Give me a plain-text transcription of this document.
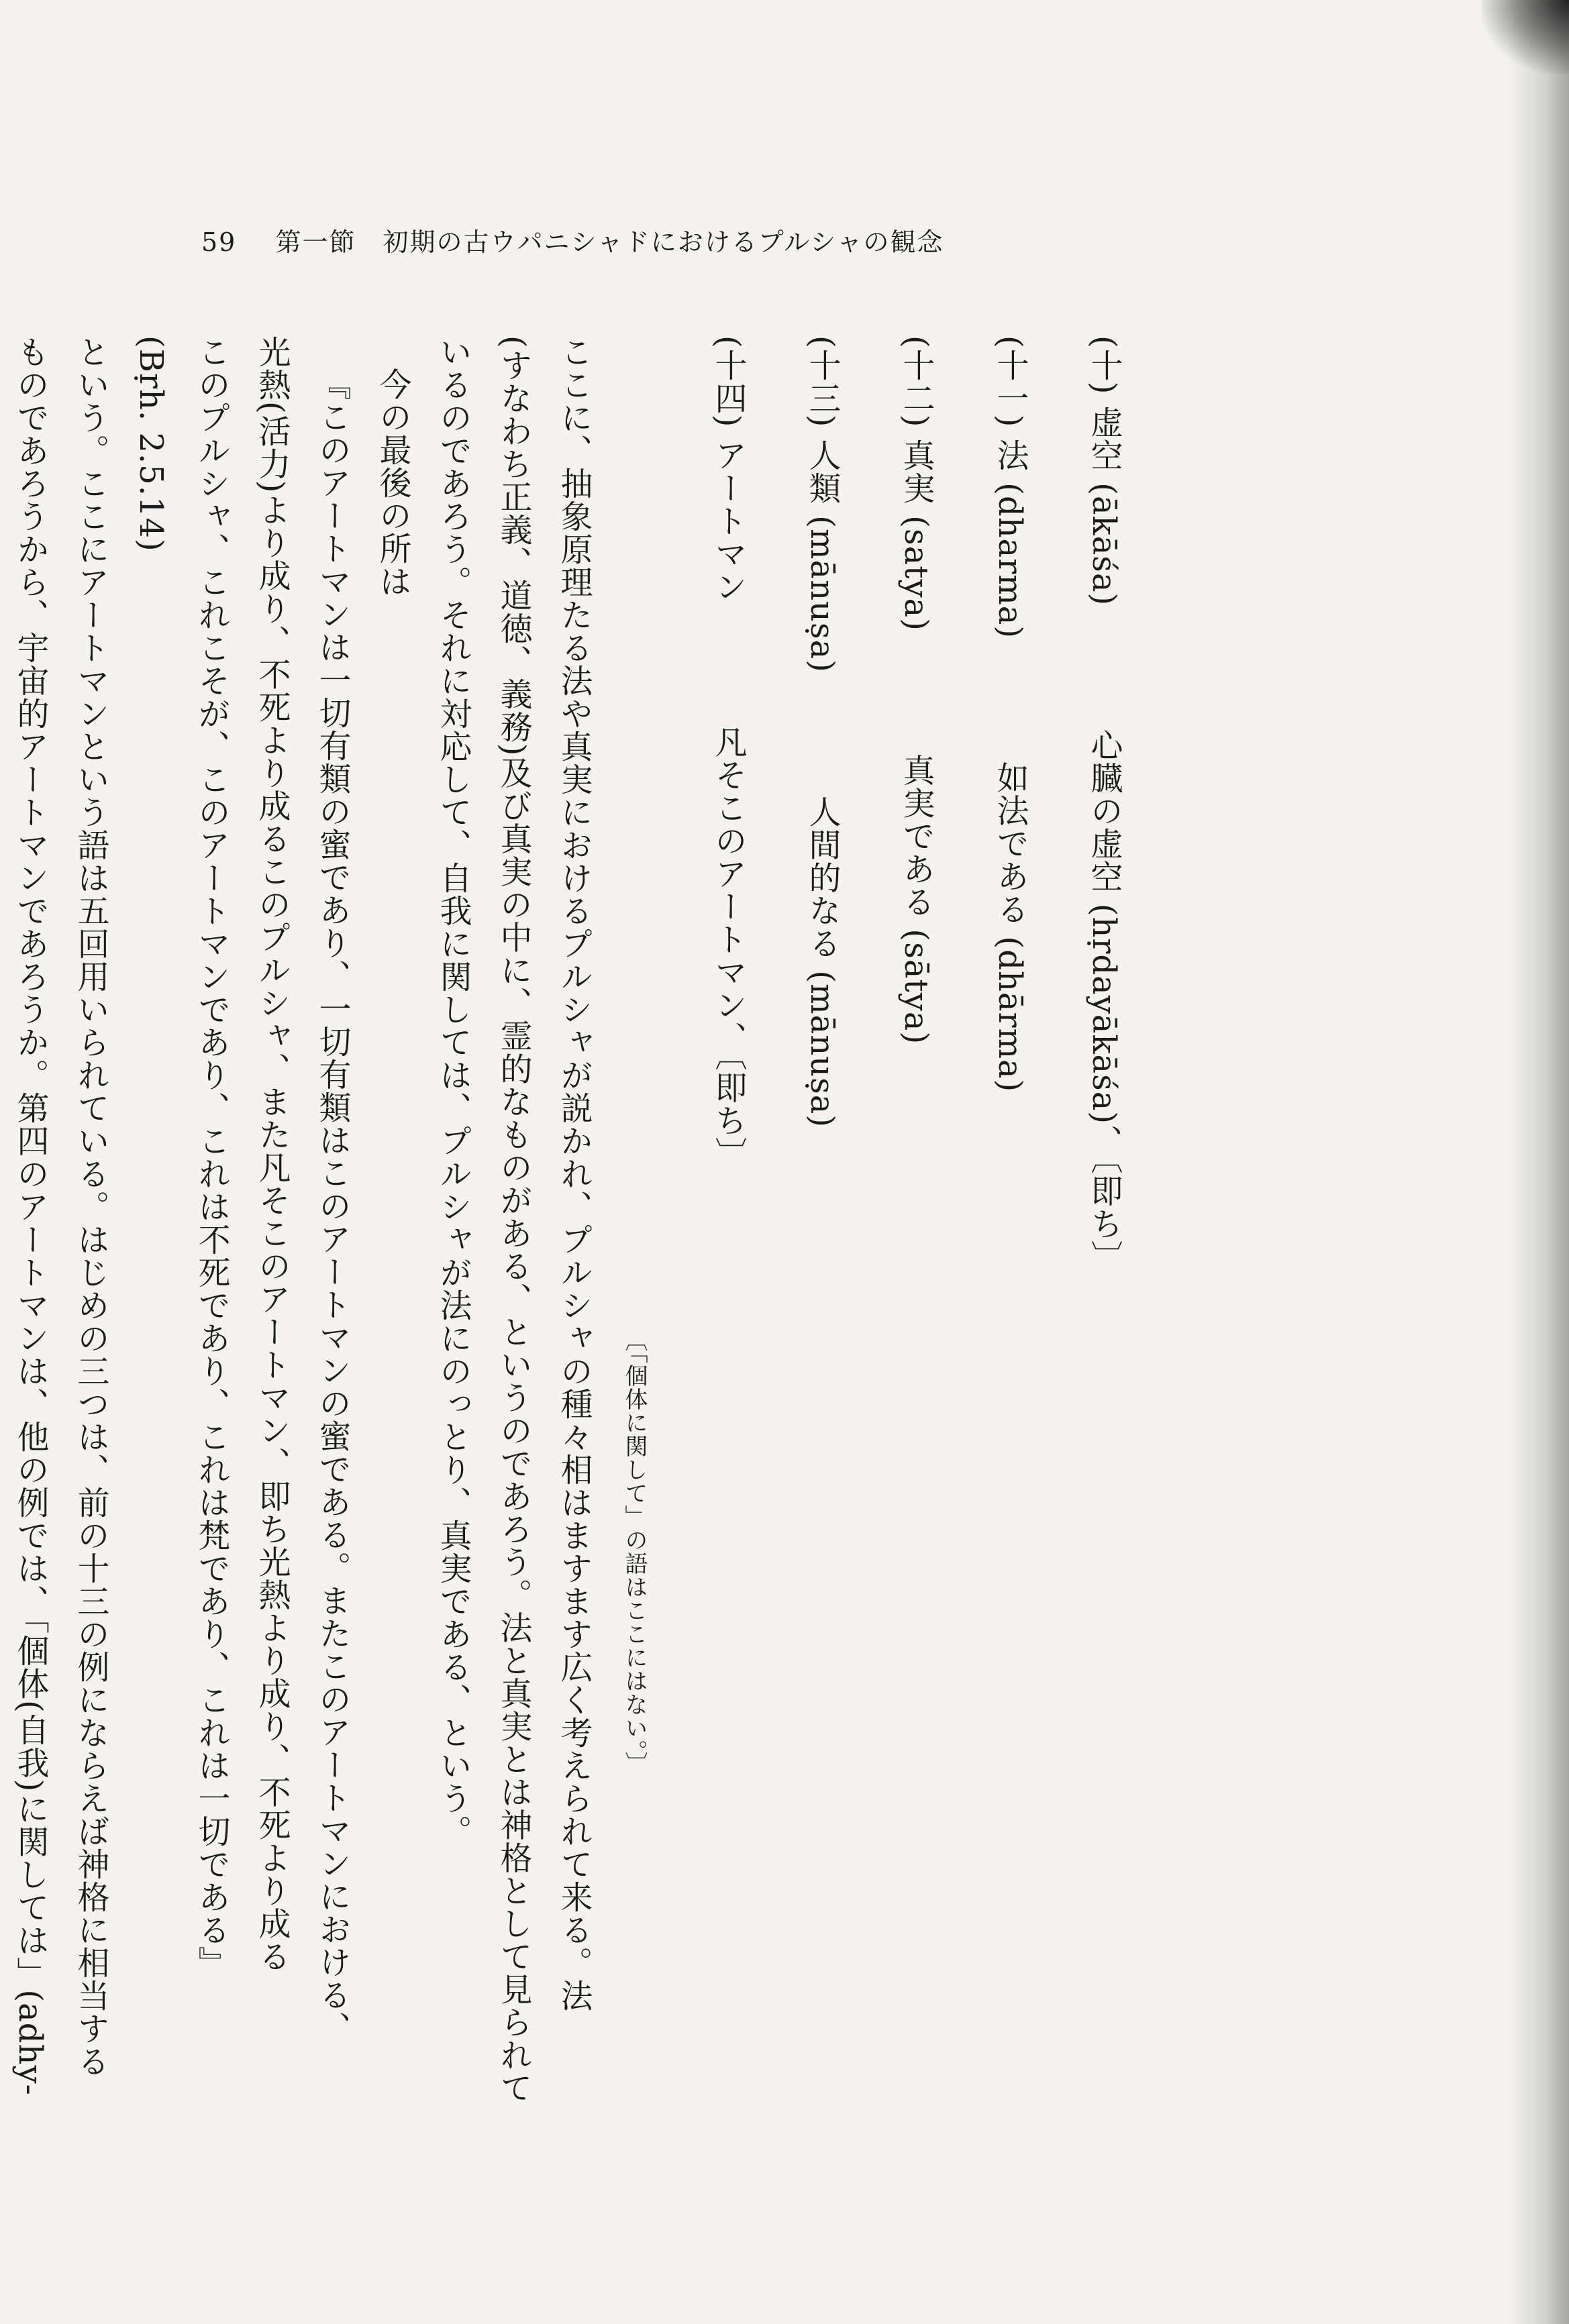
59 第一節　初期の古ウパニシャドにおけるプルシャの観念
(十) 虚空 (ākāśa)  心臓の虚空 (hṛdayākāśa)、〔即ち〕
(十一) 法 (dharma)  如法である (dhārma)
(十二) 真実 (satya)  真実である (sātya)
(十三) 人類 (mānuṣa)  人間的なる (mānuṣa)
(十四) アートマン  凡そこのアートマン、〔即ち〕
〔「個体に関して」の語はここにはない。〕
ここに、抽象原理たる法や真実におけるプルシャが説かれ、プルシャの種々相はますます広く考えられて来る。法
(すなわち正義、道徳、義務)及び真実の中に、霊的なものがある、というのであろう。法と真実とは神格として見られて
いるのであろう。それに対応して、自我に関しては、プルシャが法にのっとり、真実である、という。
今の最後の所は
『このアートマンは一切有類の蜜であり、一切有類はこのアートマンの蜜である。またこのアートマンにおける、
光熱(活力)より成り、不死より成るこのプルシャ、また凡そこのアートマン、即ち光熱より成り、不死より成る
このプルシャ、これこそが、このアートマンであり、これは不死であり、これは梵であり、これは一切である』
(Bṛh. 2.5.14)
という。ここにアートマンという語は五回用いられている。はじめの三つは、前の十三の例にならえば神格に相当する
ものであろうから、宇宙的アートマンであろうか。第四のアートマンは、他の例では、「個体(自我)に関しては」(adhy-
